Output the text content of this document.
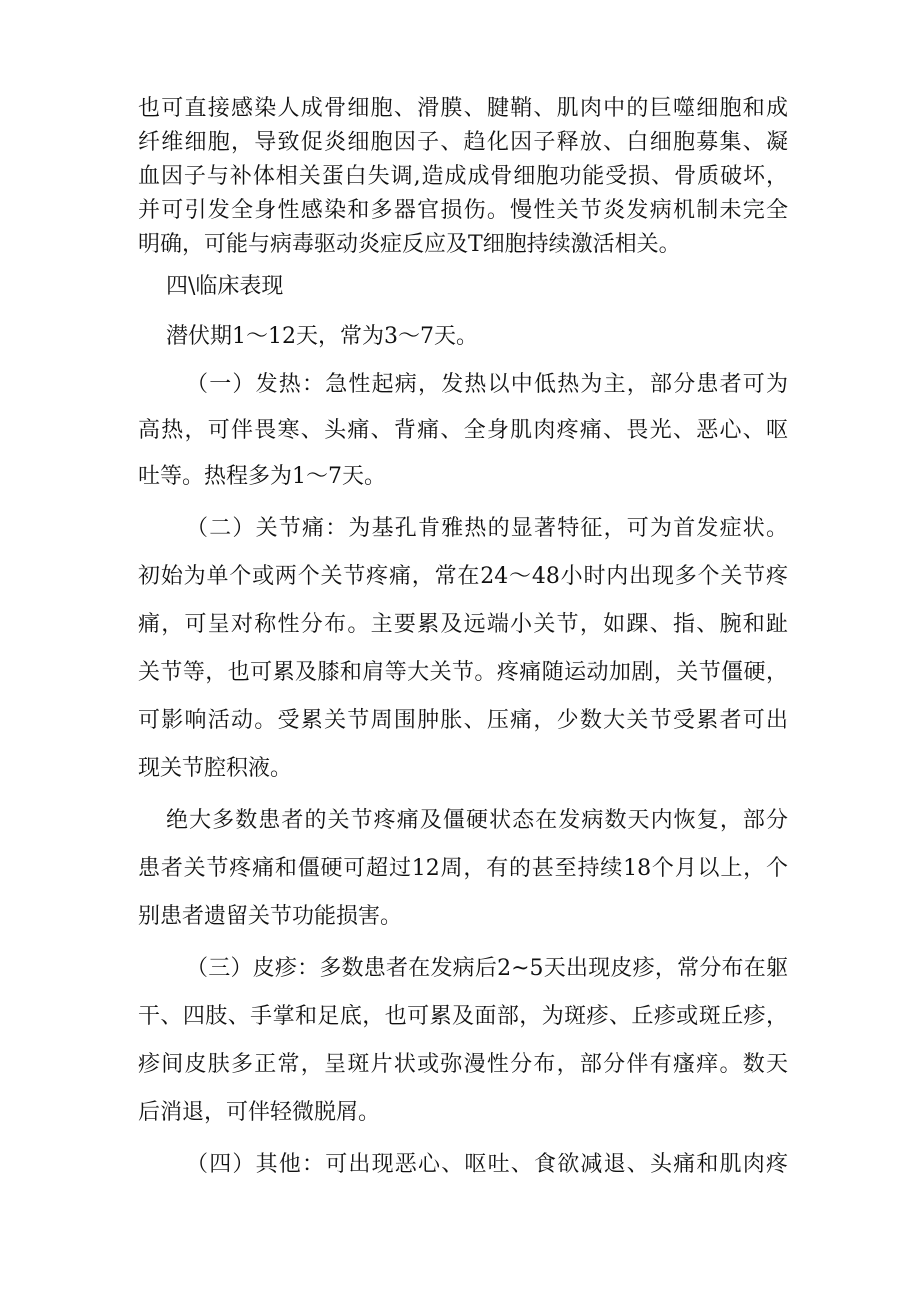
也可直接感染人成骨细胞、滑膜、腱鞘、肌肉中的巨噬细胞和成
纤维细胞，导致促炎细胞因子、趋化因子释放、白细胞募集、凝
血因子与补体相关蛋白失调,造成成骨细胞功能受损、骨质破坏，
并可引发全身性感染和多器官损伤。慢性关节炎发病机制未完全
明确，可能与病毒驱动炎症反应及T细胞持续激活相关。
四\临床表现
潜伏期1～12天，常为3～7天。
（一）发热：急性起病，发热以中低热为主，部分患者可为
高热，可伴畏寒、头痛、背痛、全身肌肉疼痛、畏光、恶心、呕
吐等。热程多为1～7天。
（二）关节痛：为基孔肯雅热的显著特征，可为首发症状。
初始为单个或两个关节疼痛，常在24～48小时内出现多个关节疼
痛，可呈对称性分布。主要累及远端小关节，如踝、指、腕和趾
关节等，也可累及膝和肩等大关节。疼痛随运动加剧，关节僵硬，
可影响活动。受累关节周围肿胀、压痛，少数大关节受累者可出
现关节腔积液。
绝大多数患者的关节疼痛及僵硬状态在发病数天内恢复，部分
患者关节疼痛和僵硬可超过12周，有的甚至持续18个月以上，个
别患者遗留关节功能损害。
（三）皮疹：多数患者在发病后2~5天出现皮疹，常分布在躯
干、四肢、手掌和足底，也可累及面部，为斑疹、丘疹或斑丘疹，
疹间皮肤多正常，呈斑片状或弥漫性分布，部分伴有瘙痒。数天
后消退，可伴轻微脱屑。
（四）其他：可出现恶心、呕吐、食欲减退、头痛和肌肉疼
